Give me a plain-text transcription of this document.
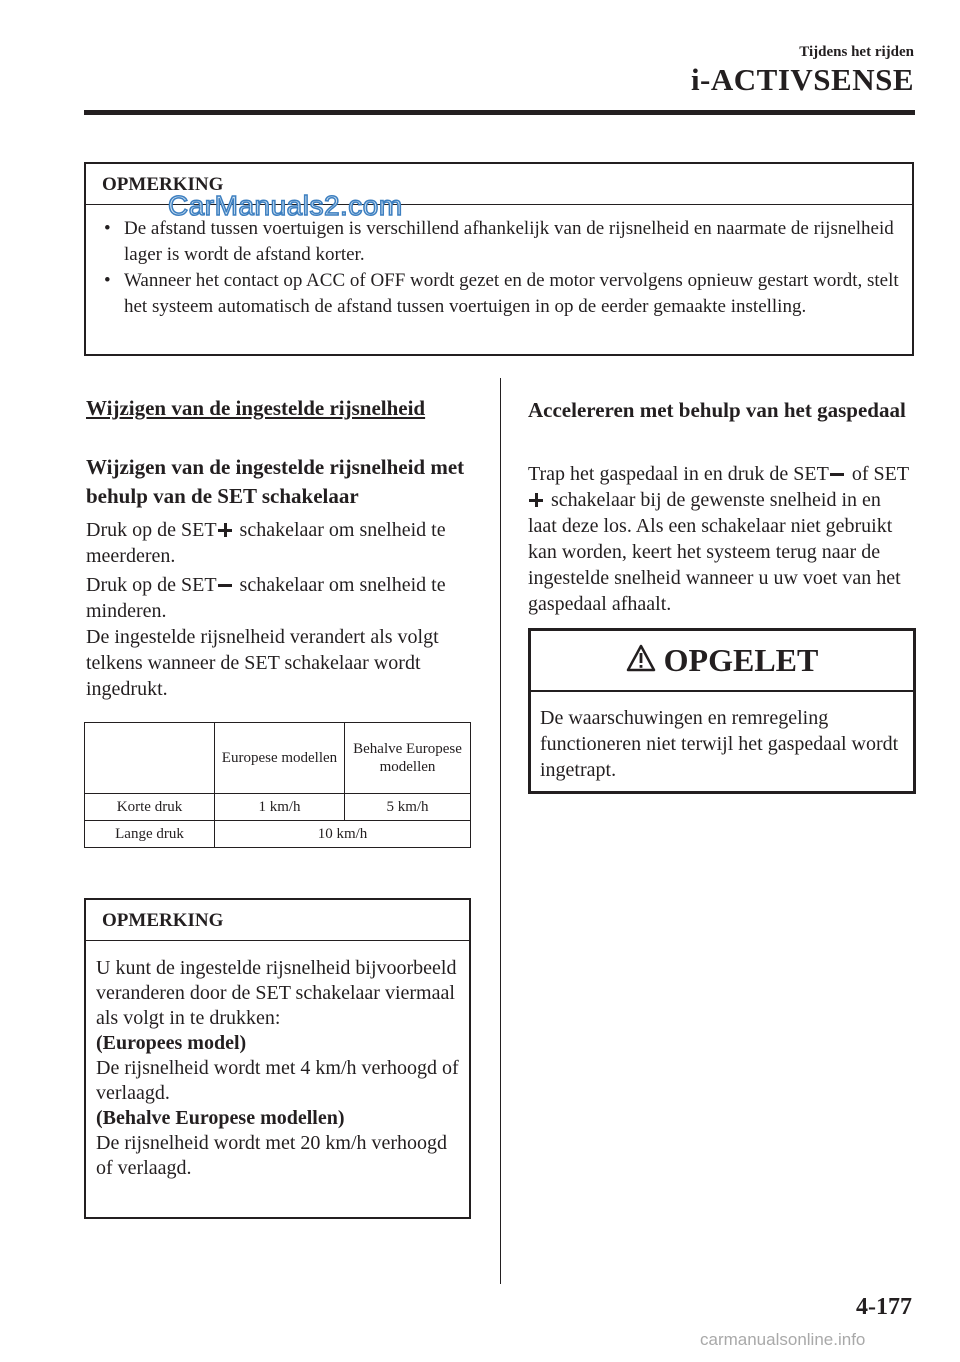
Tijdens het rijden
i-ACTIVSENSE
OPMERKING
• De afstand tussen voertuigen is verschillend afhankelijk van de rijsnelheid en naarmate de rijsnelheid lager is wordt de afstand korter.
• Wanneer het contact op ACC of OFF wordt gezet en de motor vervolgens opnieuw gestart wordt, stelt het systeem automatisch de afstand tussen voertuigen in op de eerder gemaakte instelling.
CarManuals2.com
Wijzigen van de ingestelde rijsnelheid
Wijzigen van de ingestelde rijsnelheid met behulp van de SET schakelaar
Druk op de SET schakelaar om snelheid te meerderen.
Druk op de SET schakelaar om snelheid te minderen.
De ingestelde rijsnelheid verandert als volgt telkens wanneer de SET schakelaar wordt ingedrukt.
	Europese modellen	Behalve Europese modellen
Korte druk	1 km/h	5 km/h
Lange druk	10 km/h	
OPMERKING

U kunt de ingestelde rijsnelheid bijvoorbeeld veranderen door de SET schakelaar viermaal als volgt in te drukken:

(Europees model)

De rijsnelheid wordt met 4 km/h verhoogd of verlaagd.

(Behalve Europese modellen)

De rijsnelheid wordt met 20 km/h verhoogd of verlaagd.

Accelereren met behulp van het gaspedaal
Trap het gaspedaal in en druk de SET of SET schakelaar bij de gewenste snelheid in en laat deze los. Als een schakelaar niet gebruikt kan worden, keert het systeem terug naar de ingestelde snelheid wanneer u uw voet van het gaspedaal afhaalt.
OPGELET
De waarschuwingen en remregeling functioneren niet terwijl het gaspedaal wordt ingetrapt.
4-177
carmanualsonline.info
